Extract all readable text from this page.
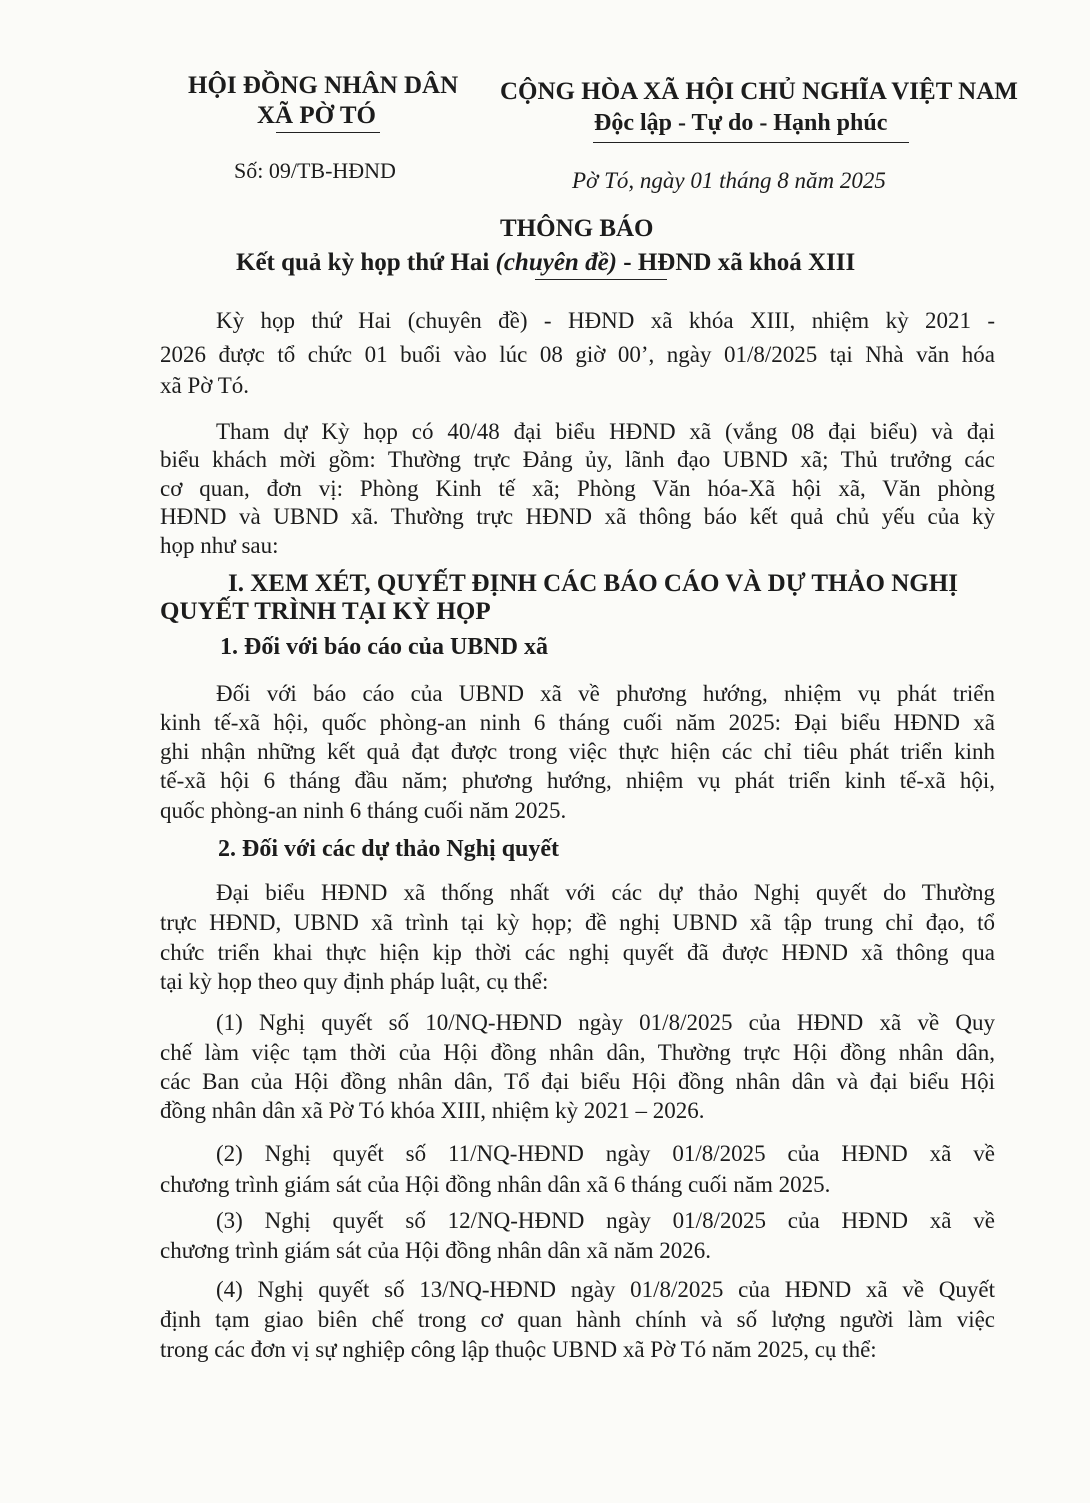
HỘI ĐỒNG NHÂN DÂN
XÃ PỜ TÓ
CỘNG HÒA XÃ HỘI CHỦ NGHĨA VIỆT NAM
Độc lập - Tự do - Hạnh phúc
Số: 09/TB-HĐND	Pờ Tó, ngày 01 tháng 8 năm 2025
THÔNG BÁO
Kết quả kỳ họp thứ Hai (chuyên đề) - HĐND xã khoá XIII
Kỳ họp thứ Hai (chuyên đề) - HĐND xã khóa XIII, nhiệm kỳ 2021 -
2026 được tổ chức 01 buổi vào lúc 08 giờ 00’, ngày 01/8/2025 tại Nhà văn hóa
xã Pờ Tó.
Tham dự Kỳ họp có 40/48 đại biểu HĐND xã (vắng 08 đại biểu) và đại
biểu khách mời gồm: Thường trực Đảng ủy, lãnh đạo UBND xã; Thủ trưởng các
cơ quan, đơn vị: Phòng Kinh tế xã; Phòng Văn hóa-Xã hội xã, Văn phòng
HĐND và UBND xã. Thường trực HĐND xã thông báo kết quả chủ yếu của kỳ
họp như sau:
I. XEM XÉT, QUYẾT ĐỊNH CÁC BÁO CÁO VÀ DỰ THẢO NGHỊ
QUYẾT TRÌNH TẠI KỲ HỌP
1. Đối với báo cáo của UBND xã
Đối với báo cáo của UBND xã về phương hướng, nhiệm vụ phát triển
kinh tế-xã hội, quốc phòng-an ninh 6 tháng cuối năm 2025: Đại biểu HĐND xã
ghi nhận những kết quả đạt được trong việc thực hiện các chỉ tiêu phát triển kinh
tế-xã hội 6 tháng đầu năm; phương hướng, nhiệm vụ phát triển kinh tế-xã hội,
quốc phòng-an ninh 6 tháng cuối năm 2025.
2. Đối với các dự thảo Nghị quyết
Đại biểu HĐND xã thống nhất với các dự thảo Nghị quyết do Thường
trực HĐND, UBND xã trình tại kỳ họp; đề nghị UBND xã tập trung chỉ đạo, tổ
chức triển khai thực hiện kịp thời các nghị quyết đã được HĐND xã thông qua
tại kỳ họp theo quy định pháp luật, cụ thể:
(1) Nghị quyết số 10/NQ-HĐND ngày 01/8/2025 của HĐND xã về Quy
chế làm việc tạm thời của Hội đồng nhân dân, Thường trực Hội đồng nhân dân,
các Ban của Hội đồng nhân dân, Tổ đại biểu Hội đồng nhân dân và đại biểu Hội
đồng nhân dân xã Pờ Tó khóa XIII, nhiệm kỳ 2021 – 2026.
(2) Nghị quyết số 11/NQ-HĐND ngày 01/8/2025 của HĐND xã về
chương trình giám sát của Hội đồng nhân dân xã 6 tháng cuối năm 2025.
(3) Nghị quyết số 12/NQ-HĐND ngày 01/8/2025 của HĐND xã về
chương trình giám sát của Hội đồng nhân dân xã năm 2026.
(4) Nghị quyết số 13/NQ-HĐND ngày 01/8/2025 của HĐND xã về Quyết
định tạm giao biên chế trong cơ quan hành chính và số lượng người làm việc
trong các đơn vị sự nghiệp công lập thuộc UBND xã Pờ Tó năm 2025, cụ thể:
